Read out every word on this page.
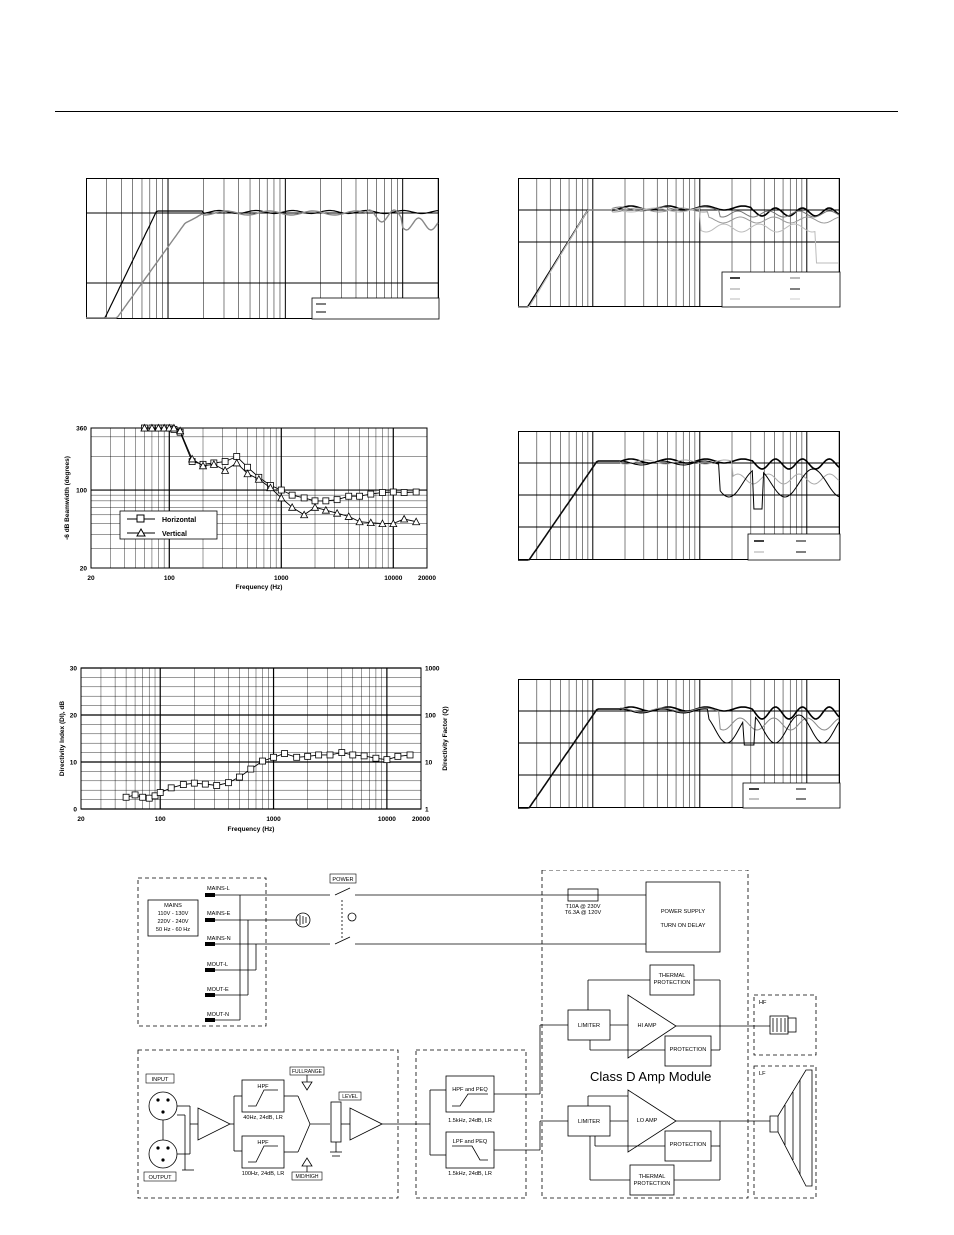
360
100
20
20	100	1000	10000 20000
Frequency (Hz)
-6 dB Beamwidth (degrees)	Horizontal
Vertical
30	1000
20	100
10	10
0	1
20	100	1000	10000 20000
Frequency (Hz)
Directivity Index (DI), dB	Directivity Factor (Q)
MAINS
110V - 130V
220V - 240V
50 Hz - 60 Hz
MAINS-L
MAINS-E
MAINS-N
MOUT-L
MOUT-E
MOUT-N
POWER
T10A @ 230V
T6.3A @ 120V	POWER SUPPLY
TURN ON DELAY
THERMAL
PROTECTION
LIMITER	HI AMP
PROTECTION
LIMITER	LO AMP
PROTECTION
THERMAL
PROTECTION
HF
LF
INPUT
OUTPUT
HPF
40Hz, 24dB, LR
HPF
100Hz, 24dB, LR
FULLRANGE
MID/HIGH
LEVEL
HPF and PEQ
1.5kHz, 24dB, LR
LPF and PEQ
1.5kHz, 24dB, LR
Class D Amp Module
